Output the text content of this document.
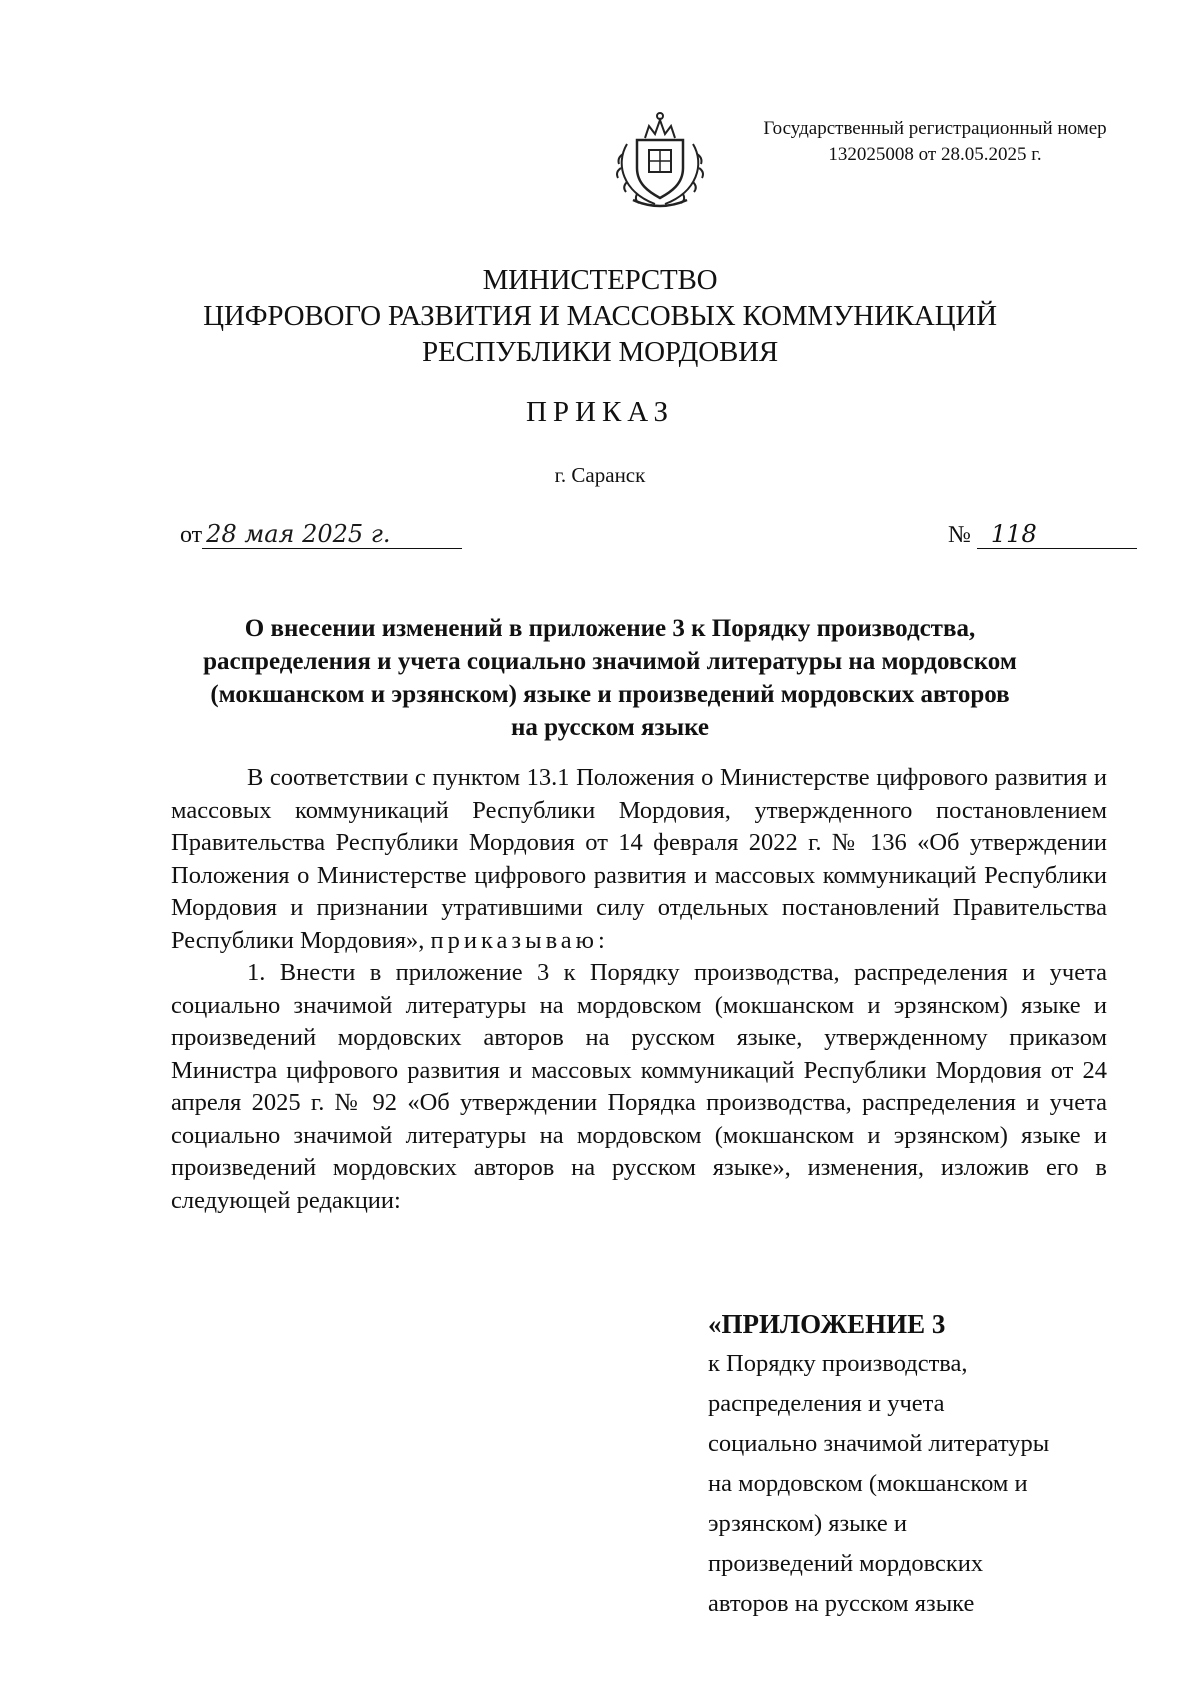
Государственный регистрационный номер
132025008 от 28.05.2025 г.
МИНИСТЕРСТВО
ЦИФРОВОГО РАЗВИТИЯ И МАССОВЫХ КОММУНИКАЦИЙ
РЕСПУБЛИКИ МОРДОВИЯ
ПРИКАЗ
г. Саранск
от 28 мая 2025 г.	№ 118
О внесении изменений в приложение 3 к Порядку производства,
распределения и учета социально значимой литературы на мордовском
(мокшанском и эрзянском) языке и произведений мордовских авторов
на русском языке

В соответствии с пунктом 13.1 Положения о Министерстве цифрового развития и массовых коммуникаций Республики Мордовия, утвержденного постановлением Правительства Республики Мордовия от 14 февраля 2022 г. № 136 «Об утверждении Положения о Министерстве цифрового развития и массовых коммуникаций Республики Мордовия и признании утратившими силу отдельных постановлений Правительства Республики Мордовия», приказываю:

1. Внести в приложение 3 к Порядку производства, распределения и учета социально значимой литературы на мордовском (мокшанском и эрзянском) языке и произведений мордовских авторов на русском языке, утвержденному приказом Министра цифрового развития и массовых коммуникаций Республики Мордовия от 24 апреля 2025 г. № 92 «Об утверждении Порядка производства, распределения и учета социально значимой литературы на мордовском (мокшанском и эрзянском) языке и произведений мордовских авторов на русском языке», изменения, изложив его в следующей редакции:

«ПРИЛОЖЕНИЕ 3
к Порядку производства,
распределения и учета
социально значимой литературы
на мордовском (мокшанском и
эрзянском) языке и
произведений мордовских
авторов на русском языке
